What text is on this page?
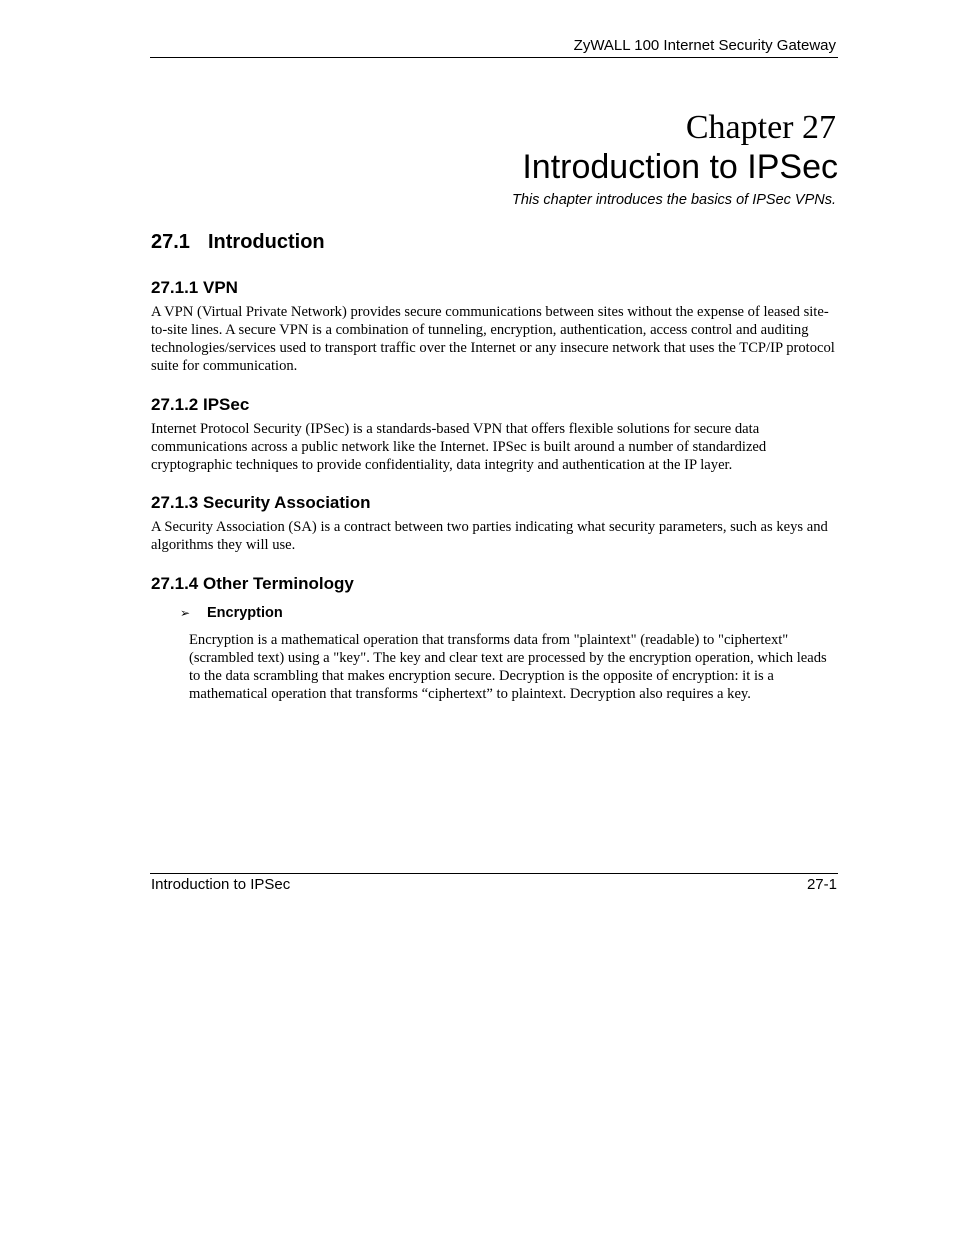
ZyWALL 100 Internet Security Gateway
Chapter 27
Introduction to IPSec
This chapter introduces the basics of IPSec VPNs.
27.1 Introduction
27.1.1 VPN
A VPN (Virtual Private Network) provides secure communications between sites without the expense of leased site-to-site lines. A secure VPN is a combination of tunneling, encryption, authentication, access control and auditing technologies/services used to transport traffic over the Internet or any insecure network that uses the TCP/IP protocol suite for communication.
27.1.2 IPSec
Internet Protocol Security (IPSec) is a standards-based VPN that offers flexible solutions for secure data communications across a public network like the Internet. IPSec is built around a number of standardized cryptographic techniques to provide confidentiality, data integrity and authentication at the IP layer.
27.1.3 Security Association
A Security Association (SA) is a contract between two parties indicating what security parameters, such as keys and algorithms they will use.
27.1.4 Other Terminology
➢ Encryption
Encryption is a mathematical operation that transforms data from "plaintext" (readable) to "ciphertext" (scrambled text) using a "key". The key and clear text are processed by the encryption operation, which leads to the data scrambling that makes encryption secure. Decryption is the opposite of encryption: it is a mathematical operation that transforms “ciphertext” to plaintext. Decryption also requires a key.
Introduction to IPSec	27-1
